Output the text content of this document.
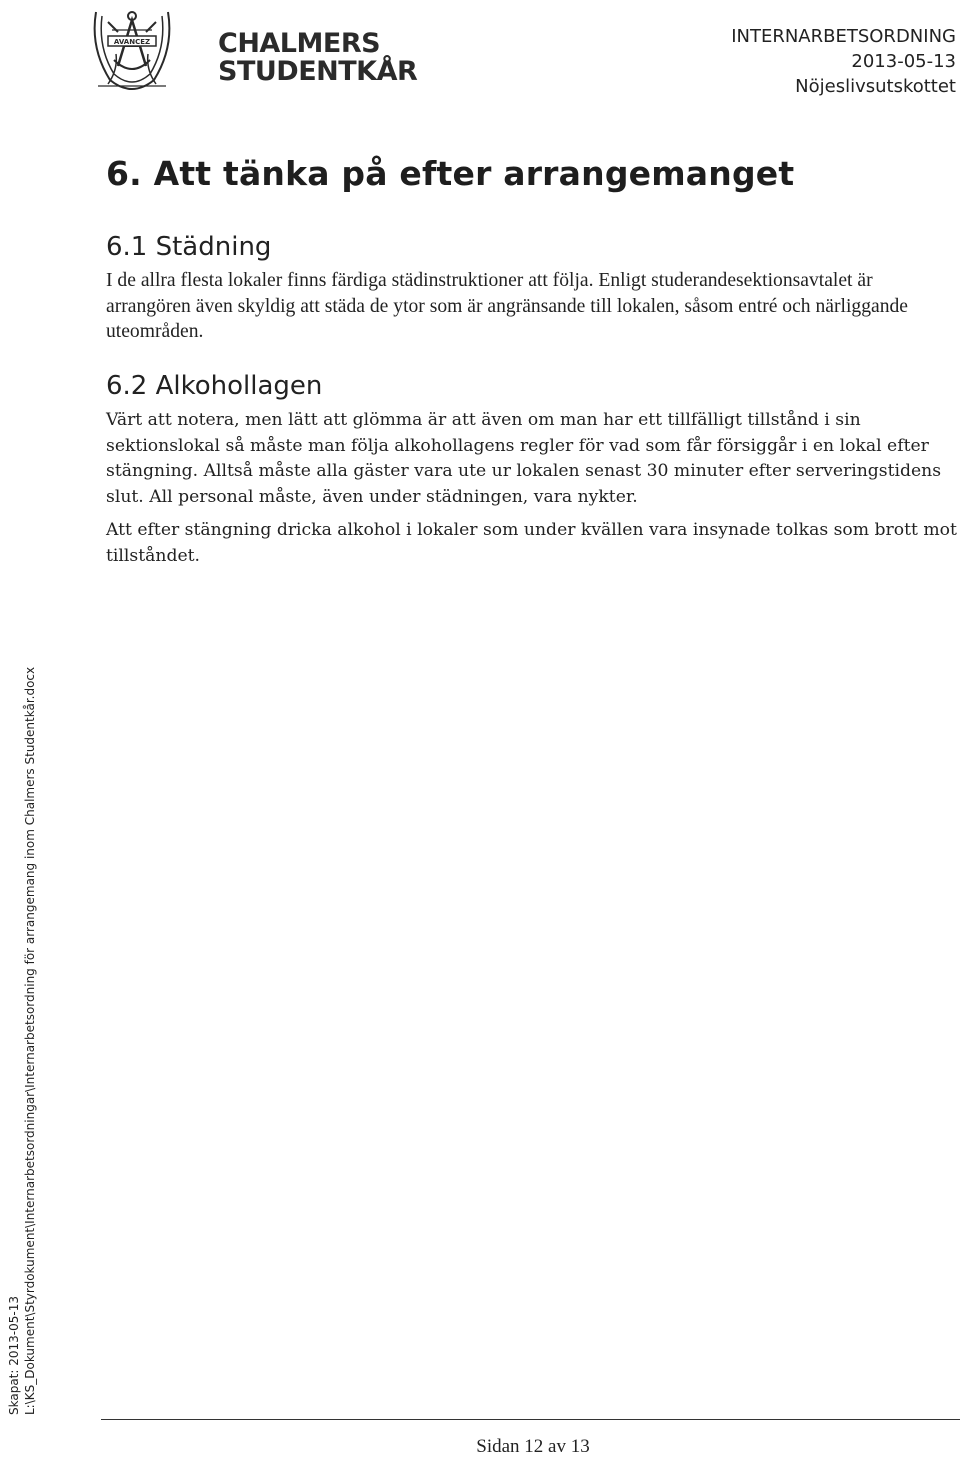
AVANCEZ	CHALMERS
STUDENTKÅR
INTERNARBETSORDNING
2013-05-13
Nöjeslivsutskottet
6. Att tänka på efter arrangemanget
6.1 Städning

I de allra flesta lokaler finns färdiga städinstruktioner att följa. Enligt studerandesektionsavtalet är arrangören även skyldig att städa de ytor som är angränsande till lokalen, såsom entré och närliggande uteområden.

6.2 Alkohollagen

Värt att notera, men lätt att glömma är att även om man har ett tillfälligt tillstånd i sin sektionslokal så måste man följa alkohollagens regler för vad som får försiggår i en lokal efter stängning. Alltså måste alla gäster vara ute ur lokalen senast 30 minuter efter serveringstidens slut. All personal måste, även under städningen, vara nykter.

Att efter stängning dricka alkohol i lokaler som under kvällen vara insynade tolkas som brott mot tillståndet.

Skapat: 2013-05-13 L:\KS_Dokument\Styrdokument\Internarbetsordningar\Internarbetsordning för arrangemang inom Chalmers Studentkår.docx
Sidan 12 av 13
